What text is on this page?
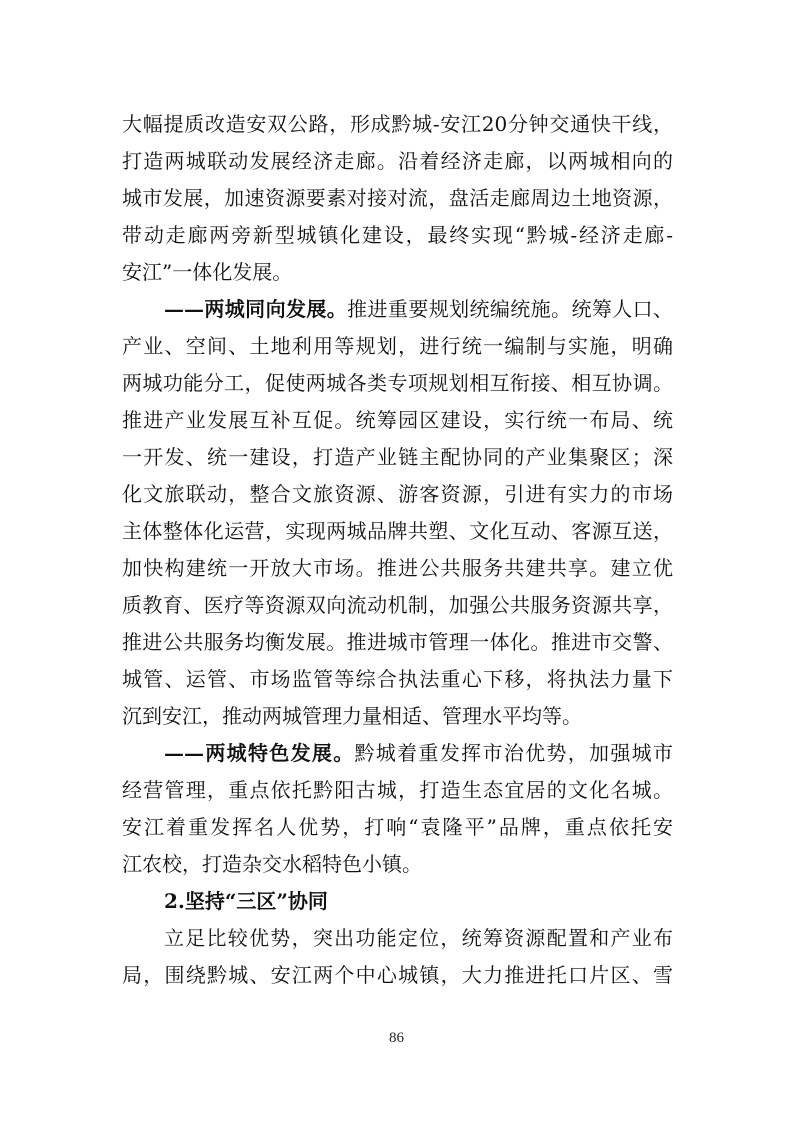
大幅提质改造安双公路，形成黔城-安江20分钟交通快干线，
打造两城联动发展经济走廊。沿着经济走廊，以两城相向的
城市发展，加速资源要素对接对流，盘活走廊周边土地资源，
带动走廊两旁新型城镇化建设，最终实现“黔城-经济走廊-
安江”一体化发展。
——两城同向发展。推进重要规划统编统施。统筹人口、
产业、空间、土地利用等规划，进行统一编制与实施，明确
两城功能分工，促使两城各类专项规划相互衔接、相互协调。
推进产业发展互补互促。统筹园区建设，实行统一布局、统
一开发、统一建设，打造产业链主配协同的产业集聚区；深
化文旅联动，整合文旅资源、游客资源，引进有实力的市场
主体整体化运营，实现两城品牌共塑、文化互动、客源互送，
加快构建统一开放大市场。推进公共服务共建共享。建立优
质教育、医疗等资源双向流动机制，加强公共服务资源共享，
推进公共服务均衡发展。推进城市管理一体化。推进市交警、
城管、运管、市场监管等综合执法重心下移，将执法力量下
沉到安江，推动两城管理力量相适、管理水平均等。
——两城特色发展。黔城着重发挥市治优势，加强城市
经营管理，重点依托黔阳古城，打造生态宜居的文化名城。
安江着重发挥名人优势，打响“袁隆平”品牌，重点依托安
江农校，打造杂交水稻特色小镇。
2.坚持“三区”协同
立足比较优势，突出功能定位，统筹资源配置和产业布
局，围绕黔城、安江两个中心城镇，大力推进托口片区、雪
86
